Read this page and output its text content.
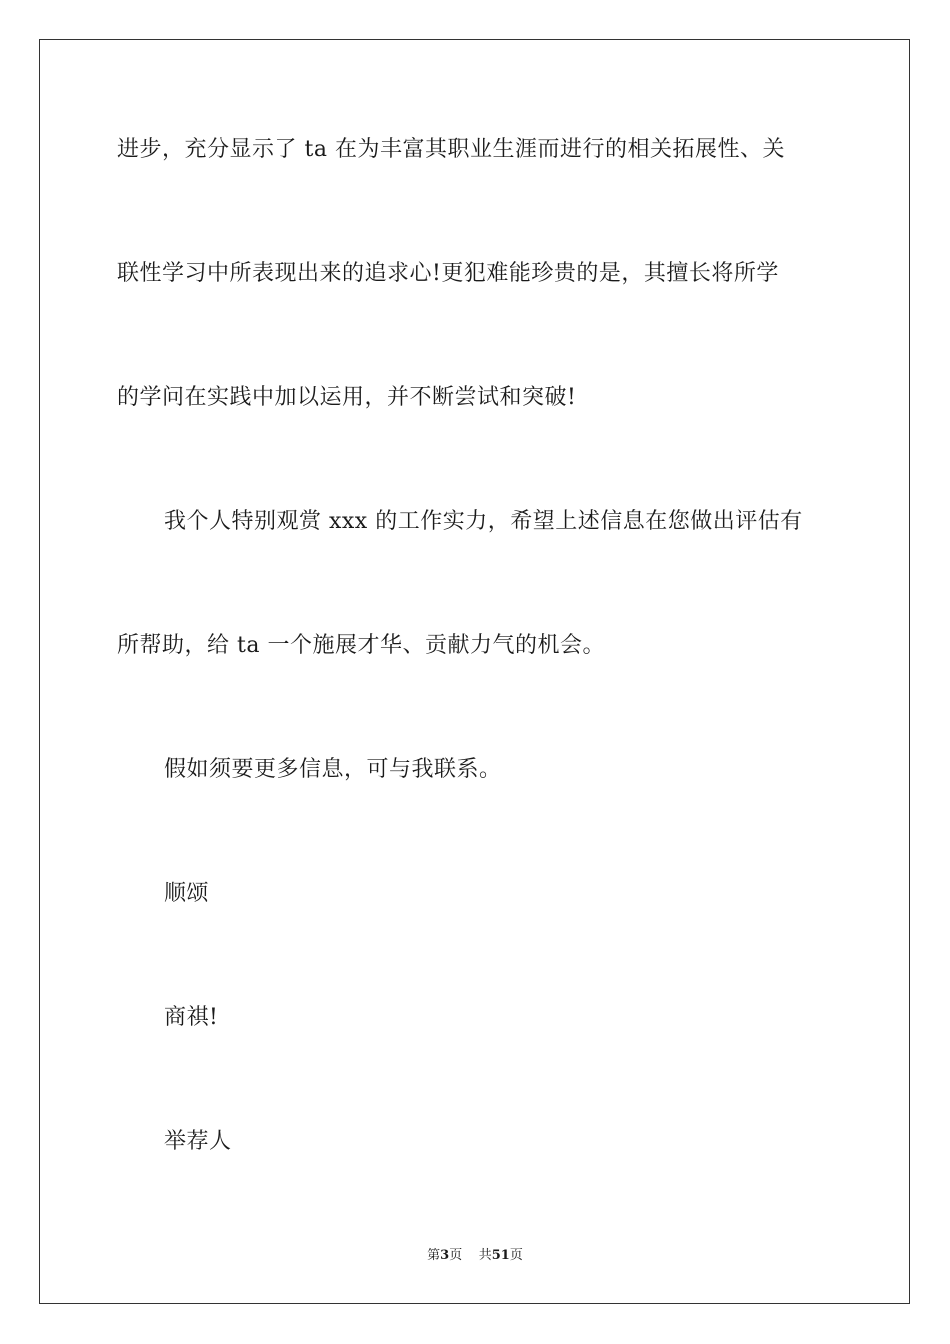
进步，充分显示了 ta 在为丰富其职业生涯而进行的相关拓展性、关
联性学习中所表现出来的追求心!更犯难能珍贵的是，其擅长将所学
的学问在实践中加以运用，并不断尝试和突破!
我个人特别观赏 xxx 的工作实力，希望上述信息在您做出评估有
所帮助，给 ta 一个施展才华、贡献力气的机会。
假如须要更多信息，可与我联系。
顺颂
商祺!
举荐人
第3页 共51页
